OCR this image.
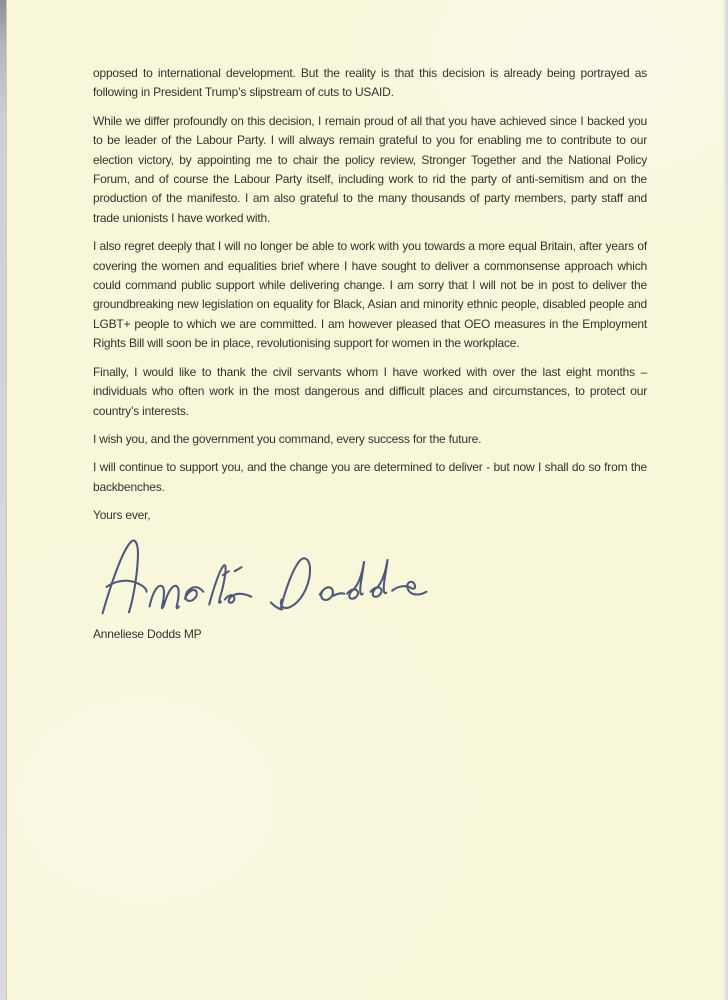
opposed to international development. But the reality is that this decision is already being portrayed as following in President Trump’s slipstream of cuts to USAID.

While we differ profoundly on this decision, I remain proud of all that you have achieved since I backed you to be leader of the Labour Party. I will always remain grateful to you for enabling me to contribute to our election victory, by appointing me to chair the policy review, Stronger Together and the National Policy Forum, and of course the Labour Party itself, including work to rid the party of anti-semitism and on the production of the manifesto. I am also grateful to the many thousands of party members, party staff and trade unionists I have worked with.

I also regret deeply that I will no longer be able to work with you towards a more equal Britain, after years of covering the women and equalities brief where I have sought to deliver a commonsense approach which could command public support while delivering change. I am sorry that I will not be in post to deliver the groundbreaking new legislation on equality for Black, Asian and minority ethnic people, disabled people and LGBT+ people to which we are committed. I am however pleased that OEO measures in the Employment Rights Bill will soon be in place, revolutionising support for women in the workplace.

Finally, I would like to thank the civil servants whom I have worked with over the last eight months – individuals who often work in the most dangerous and difficult places and circumstances, to protect our country’s interests.

I wish you, and the government you command, every success for the future.

I will continue to support you, and the change you are determined to deliver - but now I shall do so from the backbenches.

Yours ever,

Anneliese Dodds MP
